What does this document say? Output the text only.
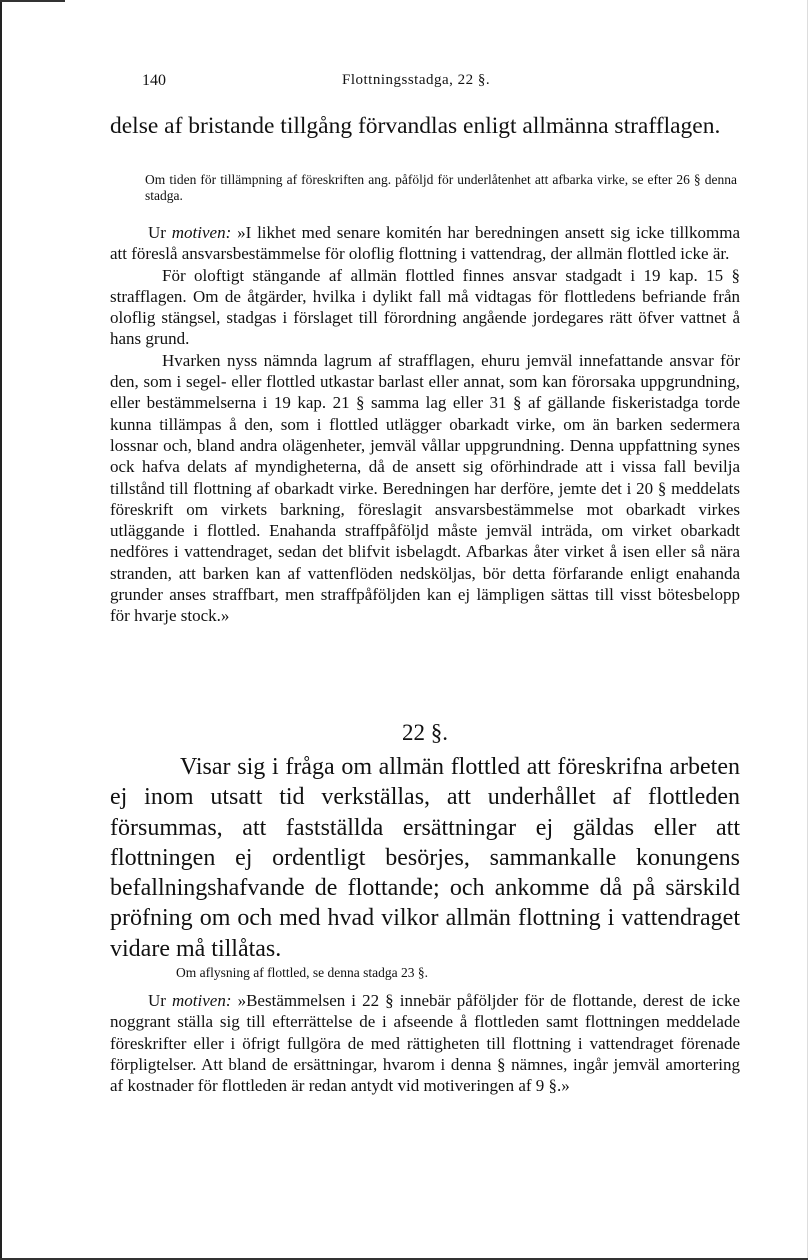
140	Flottningsstadga, 22 §.

delse af bristande tillgång förvandlas enligt allmänna strafflagen.

Om tiden för tillämpning af föreskriften ang. påföljd för underlåtenhet att afbarka virke, se efter 26 § denna stadga.

Ur motiven: »I likhet med senare komitén har beredningen ansett sig icke tillkomma att föreslå ansvarsbestämmelse för oloflig flottning i vattendrag, der allmän flottled icke är.

För oloftigt stängande af allmän flottled finnes ansvar stadgadt i 19 kap. 15 § strafflagen. Om de åtgärder, hvilka i dylikt fall må vidtagas för flottledens befriande från oloflig stängsel, stadgas i förslaget till förordning angående jordegares rätt öfver vattnet å hans grund.

Hvarken nyss nämnda lagrum af strafflagen, ehuru jemväl innefattande ansvar för den, som i segel- eller flottled utkastar barlast eller annat, som kan förorsaka uppgrundning, eller bestämmelserna i 19 kap. 21 § samma lag eller 31 § af gällande fiskeristadga torde kunna tillämpas å den, som i flottled utlägger obarkadt virke, om än barken sedermera lossnar och, bland andra olägenheter, jemväl vållar uppgrundning. Denna uppfattning synes ock hafva delats af myndigheterna, då de ansett sig oförhindrade att i vissa fall bevilja tillstånd till flottning af obarkadt virke. Beredningen har derföre, jemte det i 20 § meddelats föreskrift om virkets barkning, föreslagit ansvarsbestämmelse mot obarkadt virkes utläggande i flottled. Enahanda straffpåföljd måste jemväl inträda, om virket obarkadt nedföres i vattendraget, sedan det blifvit isbelagdt. Afbarkas åter virket å isen eller så nära stranden, att barken kan af vattenflöden nedsköljas, bör detta förfarande enligt enahanda grunder anses straffbart, men straffpåföljden kan ej lämpligen sättas till visst bötesbelopp för hvarje stock.»

22 §.

Visar sig i fråga om allmän flottled att föreskrifna arbeten ej inom utsatt tid verkställas, att underhållet af flottleden försummas, att fastställda ersättningar ej gäldas eller att flottningen ej ordentligt besörjes, sammankalle konungens befallningshafvande de flottande; och ankomme då på särskild pröfning om och med hvad vilkor allmän flottning i vattendraget vidare må tillåtas.

Om aflysning af flottled, se denna stadga 23 §.

Ur motiven: »Bestämmelsen i 22 § innebär påföljder för de flottande, derest de icke noggrant ställa sig till efterrättelse de i afseende å flottleden samt flottningen meddelade föreskrifter eller i öfrigt fullgöra de med rättigheten till flottning i vattendraget förenade förpligtelser. Att bland de ersättningar, hvarom i denna § nämnes, ingår jemväl amortering af kostnader för flottleden är redan antydt vid motiveringen af 9 §.»
